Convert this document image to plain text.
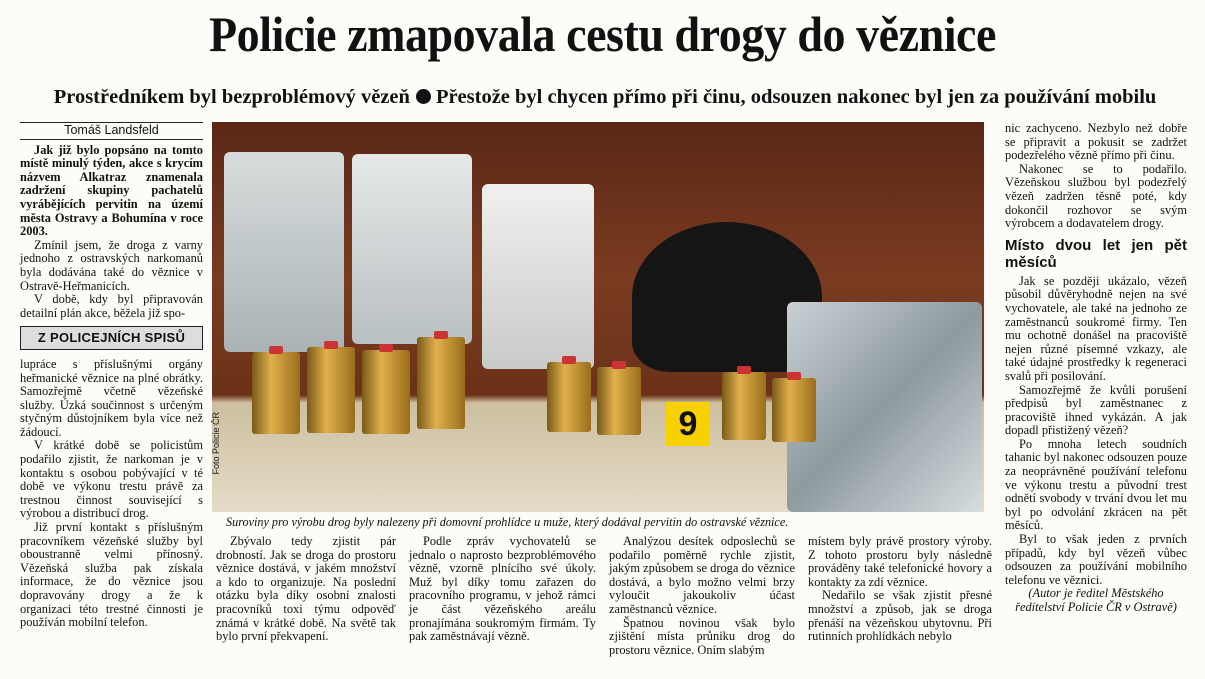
Policie zmapovala cestu drogy do věznice
Prostředníkem byl bezproblémový vězeň Přestože byl chycen přímo při činu, odsouzen nakonec byl jen za používání mobilu
Tomáš Landsfeld

Jak již bylo popsáno na tomto místě minulý týden, akce s krycím názvem Alkatraz znamenala zadržení skupiny pachatelů vyrábějících pervitin na území města Ostravy a Bohumína v roce 2003.

Zmínil jsem, že droga z varny jednoho z ostravských narkomanů byla dodávána také do věznice v Ostravě-Heřmanicích.

V době, kdy byl připravován detailní plán akce, běžela již spo-

Z POLICEJNÍCH SPISŮ

lupráce s příslušnými orgány heřmanické věznice na plné obrátky. Samozřejmě včetně vězeňské služby. Úzká součinnost s určeným styčným důstojníkem byla více než žádoucí.

V krátké době se policistům podařilo zjistit, že narkoman je v kontaktu s osobou pobývající v té době ve výkonu trestu právě za trestnou činnost související s výrobou a distribucí drog.

Již první kontakt s příslušným pracovníkem vězeňské služby byl oboustranně velmi přínosný. Vězeňská služba pak získala informace, že do věznice jsou dopravovány drogy a že k organizaci této trestné činnosti je používán mobilní telefon.

9
Foto Policie ČR
Suroviny pro výrobu drog byly nalezeny při domovní prohlídce u muže, který dodával pervitin do ostravské věznice.

Zbývalo tedy zjistit pár drobností. Jak se droga do prostoru věznice dostává, v jakém množství a kdo to organizuje. Na poslední otázku byla díky osobní znalosti pracovníků toxi týmu odpověď známá v krátké době. Na světě tak bylo první překvapení.

Podle zpráv vychovatelů se jednalo o naprosto bezproblémového vězně, vzorně plnícího své úkoly. Muž byl díky tomu zařazen do pracovního programu, v jehož rámci je část vězeňského areálu pronajímána soukromým firmám. Ty pak zaměstnávají vězně.

Analýzou desítek odposlechů se podařilo poměrně rychle zjistit, jakým způsobem se droga do věznice dostává, a bylo možno velmi brzy vyloučit jakoukoliv účast zaměstnanců věznice.

Špatnou novinou však bylo zjištění místa průniku drog do prostoru věznice. Oním slabým

místem byly právě prostory výroby. Z tohoto prostoru byly následně prováděny také telefonické hovory a kontakty za zdí věznice.

Nedařilo se však zjistit přesné množství a způsob, jak se droga přenáší na vězeňskou ubytovnu. Při rutinních prohlídkách nebylo

nic zachyceno. Nezbylo než dobře se připravit a pokusit se zadržet podezřelého vězně přímo při činu.

Nakonec se to podařilo. Vězeňskou službou byl podezřelý vězeň zadržen těsně poté, kdy dokončil rozhovor se svým výrobcem a dodavatelem drogy.

Místo dvou let jen pět měsíců

Jak se později ukázalo, vězeň působil důvěryhodně nejen na své vychovatele, ale také na jednoho ze zaměstnanců soukromé firmy. Ten mu ochotně donášel na pracoviště nejen různé písemné vzkazy, ale také údajné prostředky k regeneraci svalů při posilování.

Samozřejmě že kvůli porušení předpisů byl zaměstnanec z pracoviště ihned vykázán. A jak dopadl přistižený vězeň?

Po mnoha letech soudních tahanic byl nakonec odsouzen pouze za neoprávněné používání telefonu ve výkonu trestu a původní trest odnětí svobody v trvání dvou let mu byl po odvolání zkrácen na pět měsíců.

Byl to však jeden z prvních případů, kdy byl vězeň vůbec odsouzen za používání mobilního telefonu ve věznici.

(Autor je ředitel Městského ředitelství Policie ČR v Ostravě)
